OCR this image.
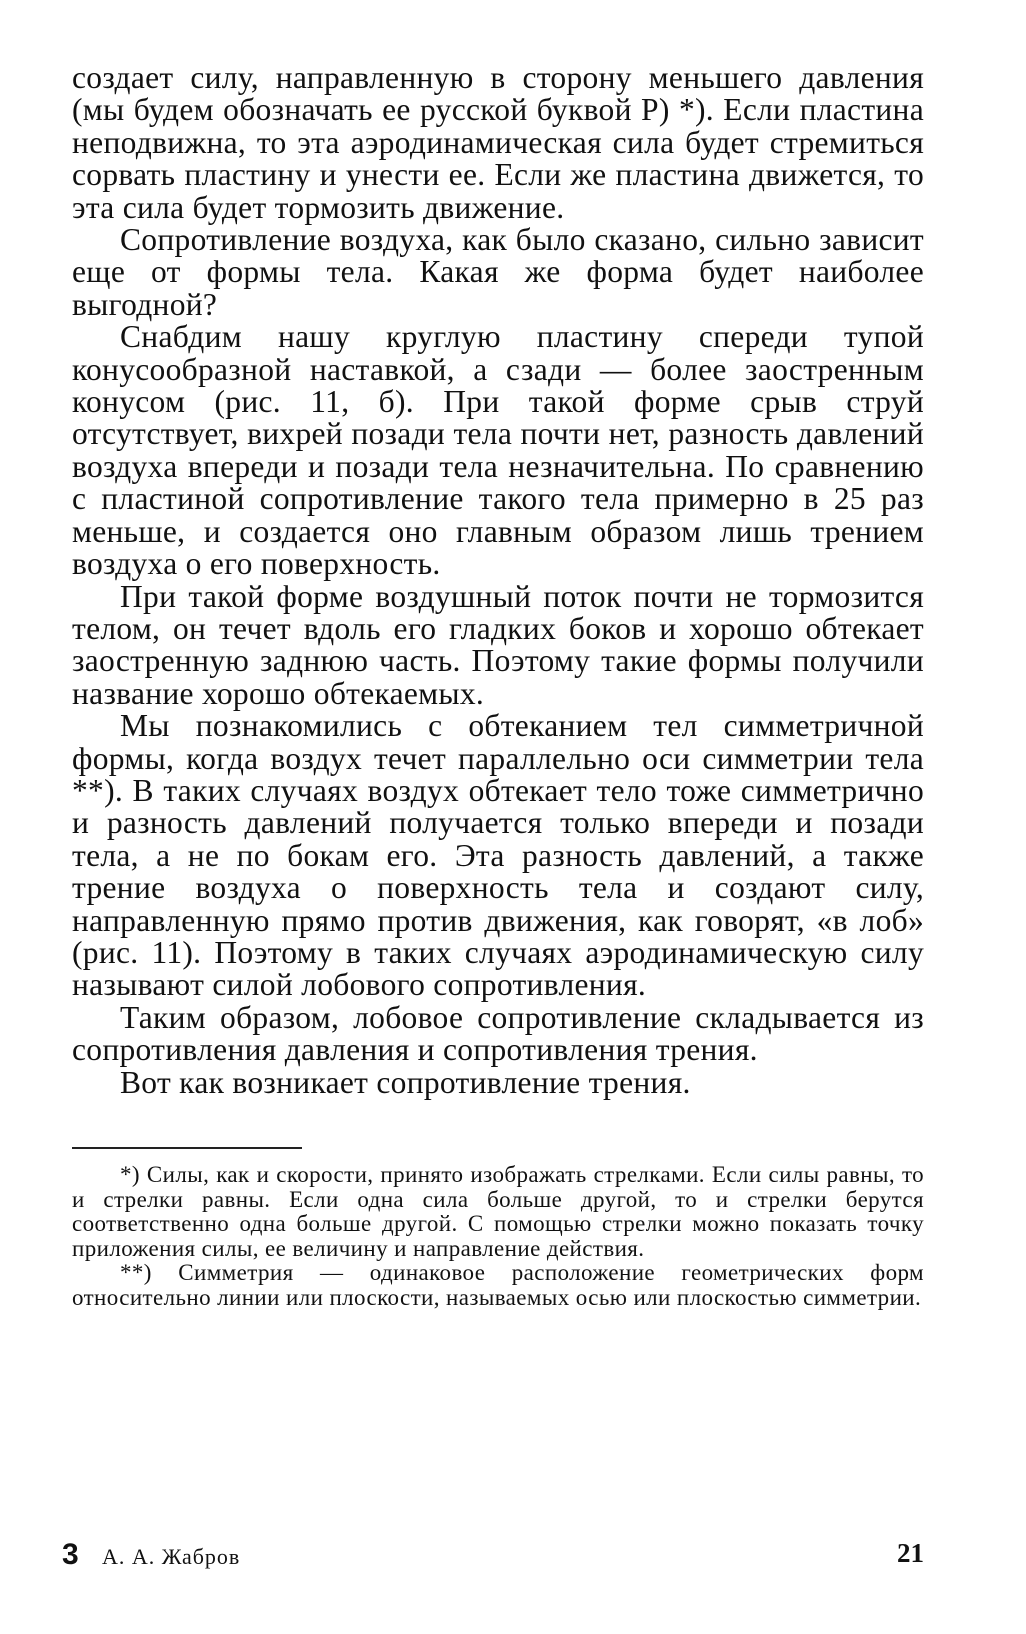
создает силу, направленную в сторону меньшего давления (мы будем обозначать ее русской буквой P) *). Если пластина неподвижна, то эта аэродинамическая сила будет стремиться сорвать пластину и унести ее. Если же пластина движется, то эта сила будет тормозить движение.

Сопротивление воздуха, как было сказано, сильно зависит еще от формы тела. Какая же форма будет наиболее выгодной?

Снабдим нашу круглую пластину спереди тупой конусообразной наставкой, а сзади — более заостренным конусом (рис. 11, б). При такой форме срыв струй отсутствует, вихрей позади тела почти нет, разность давлений воздуха впереди и позади тела незначительна. По сравнению с пластиной сопротивление такого тела примерно в 25 раз меньше, и создается оно главным образом лишь трением воздуха о его поверхность.

При такой форме воздушный поток почти не тормозится телом, он течет вдоль его гладких боков и хорошо обтекает заостренную заднюю часть. Поэтому такие формы получили название хорошо обтекаемых.

Мы познакомились с обтеканием тел симметричной формы, когда воздух течет параллельно оси симметрии тела **). В таких случаях воздух обтекает тело тоже симметрично и разность давлений получается только впереди и позади тела, а не по бокам его. Эта разность давлений, а также трение воздуха о поверхность тела и создают силу, направленную прямо против движения, как говорят, «в лоб» (рис. 11). Поэтому в таких случаях аэродинамическую силу называют силой лобового сопротивления.

Таким образом, лобовое сопротивление складывается из сопротивления давления и сопротивления трения.

Вот как возникает сопротивление трения.

*) Силы, как и скорости, принято изображать стрелками. Если силы равны, то и стрелки равны. Если одна сила больше другой, то и стрелки берутся соответственно одна больше другой. С помощью стрелки можно показать точку приложения силы, ее величину и направление действия.

**) Симметрия — одинаковое расположение геометрических форм относительно линии или плоскости, называемых осью или плоскостью симметрии.

3 А. А. Жабров	21
